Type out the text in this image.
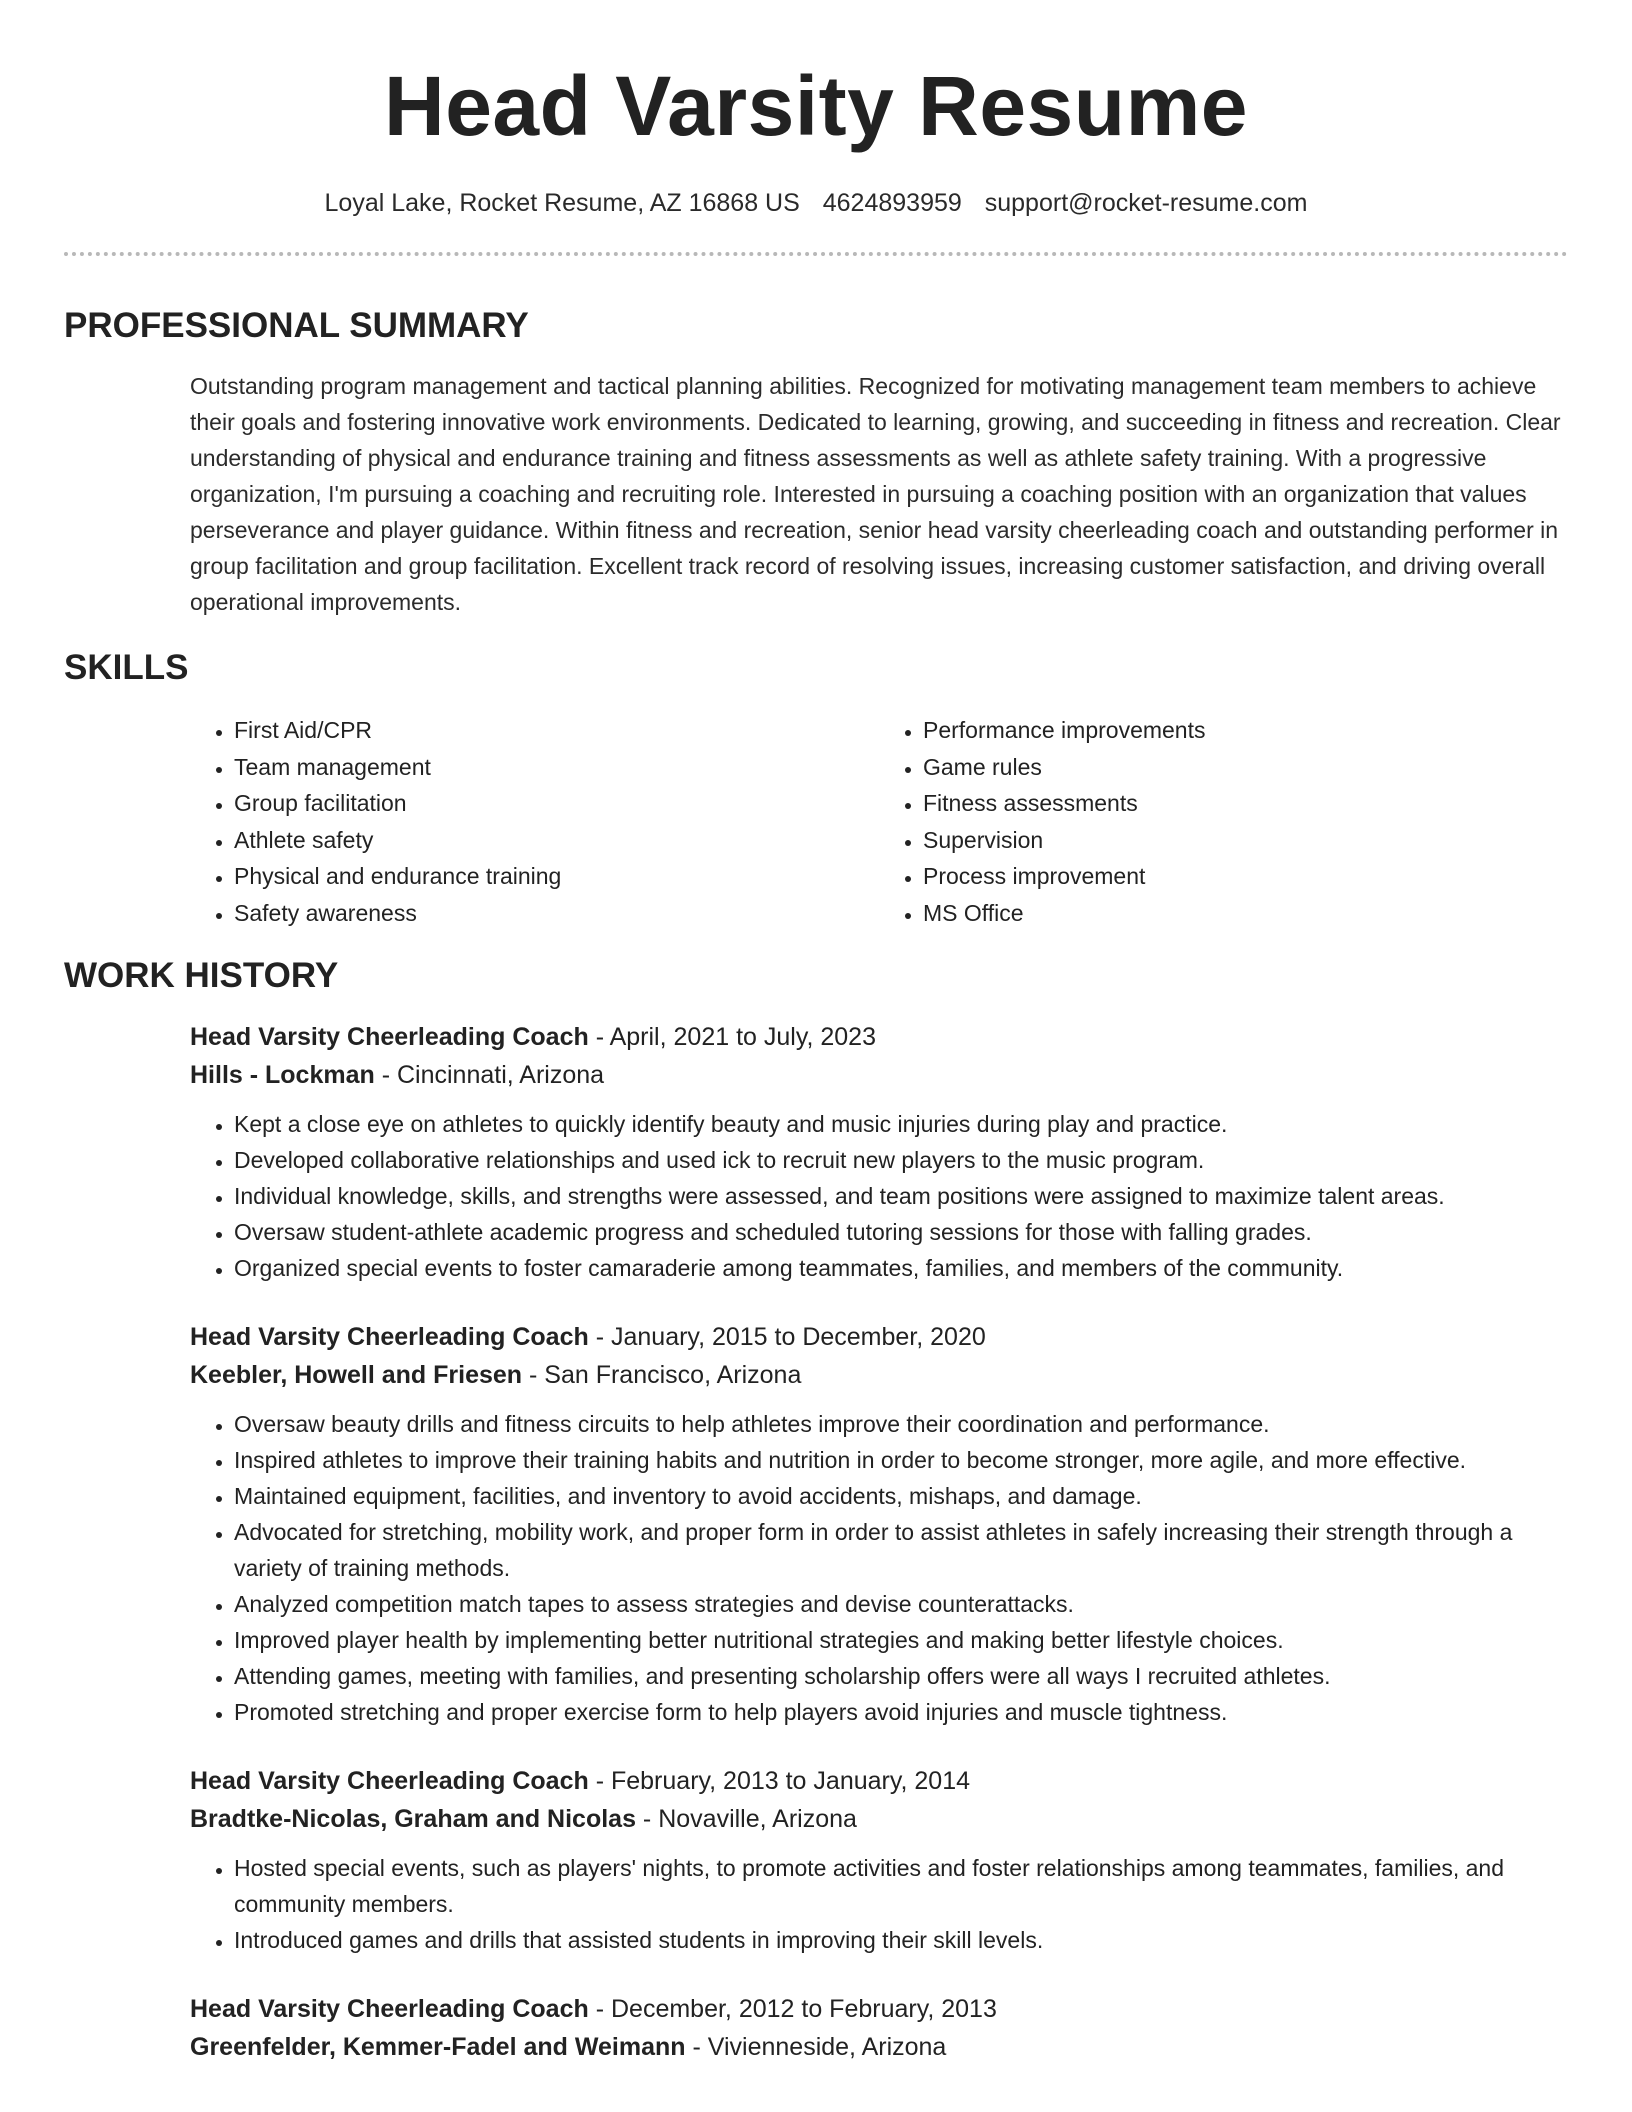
Head Varsity Resume
Loyal Lake, Rocket Resume, AZ 16868 US 4624893959 support@rocket-resume.com
PROFESSIONAL SUMMARY
Outstanding program management and tactical planning abilities. Recognized for motivating management team members to achieve their goals and fostering innovative work environments. Dedicated to learning, growing, and succeeding in fitness and recreation. Clear understanding of physical and endurance training and fitness assessments as well as athlete safety training. With a progressive organization, I'm pursuing a coaching and recruiting role. Interested in pursuing a coaching position with an organization that values perseverance and player guidance. Within fitness and recreation, senior head varsity cheerleading coach and outstanding performer in group facilitation and group facilitation. Excellent track record of resolving issues, increasing customer satisfaction, and driving overall operational improvements.
SKILLS
• First Aid/CPR
• Team management
• Group facilitation
• Athlete safety
• Physical and endurance training
• Safety awareness
• Performance improvements
• Game rules
• Fitness assessments
• Supervision
• Process improvement
• MS Office
WORK HISTORY
Head Varsity Cheerleading Coach - April, 2021 to July, 2023
Hills - Lockman - Cincinnati, Arizona
• Kept a close eye on athletes to quickly identify beauty and music injuries during play and practice.
• Developed collaborative relationships and used ick to recruit new players to the music program.
• Individual knowledge, skills, and strengths were assessed, and team positions were assigned to maximize talent areas.
• Oversaw student-athlete academic progress and scheduled tutoring sessions for those with falling grades.
• Organized special events to foster camaraderie among teammates, families, and members of the community.
Head Varsity Cheerleading Coach - January, 2015 to December, 2020
Keebler, Howell and Friesen - San Francisco, Arizona
• Oversaw beauty drills and fitness circuits to help athletes improve their coordination and performance.
• Inspired athletes to improve their training habits and nutrition in order to become stronger, more agile, and more effective.
• Maintained equipment, facilities, and inventory to avoid accidents, mishaps, and damage.
• Advocated for stretching, mobility work, and proper form in order to assist athletes in safely increasing their strength through a variety of training methods.
• Analyzed competition match tapes to assess strategies and devise counterattacks.
• Improved player health by implementing better nutritional strategies and making better lifestyle choices.
• Attending games, meeting with families, and presenting scholarship offers were all ways I recruited athletes.
• Promoted stretching and proper exercise form to help players avoid injuries and muscle tightness.
Head Varsity Cheerleading Coach - February, 2013 to January, 2014
Bradtke-Nicolas, Graham and Nicolas - Novaville, Arizona
• Hosted special events, such as players' nights, to promote activities and foster relationships among teammates, families, and community members.
• Introduced games and drills that assisted students in improving their skill levels.
Head Varsity Cheerleading Coach - December, 2012 to February, 2013
Greenfelder, Kemmer-Fadel and Weimann - Vivienneside, Arizona
